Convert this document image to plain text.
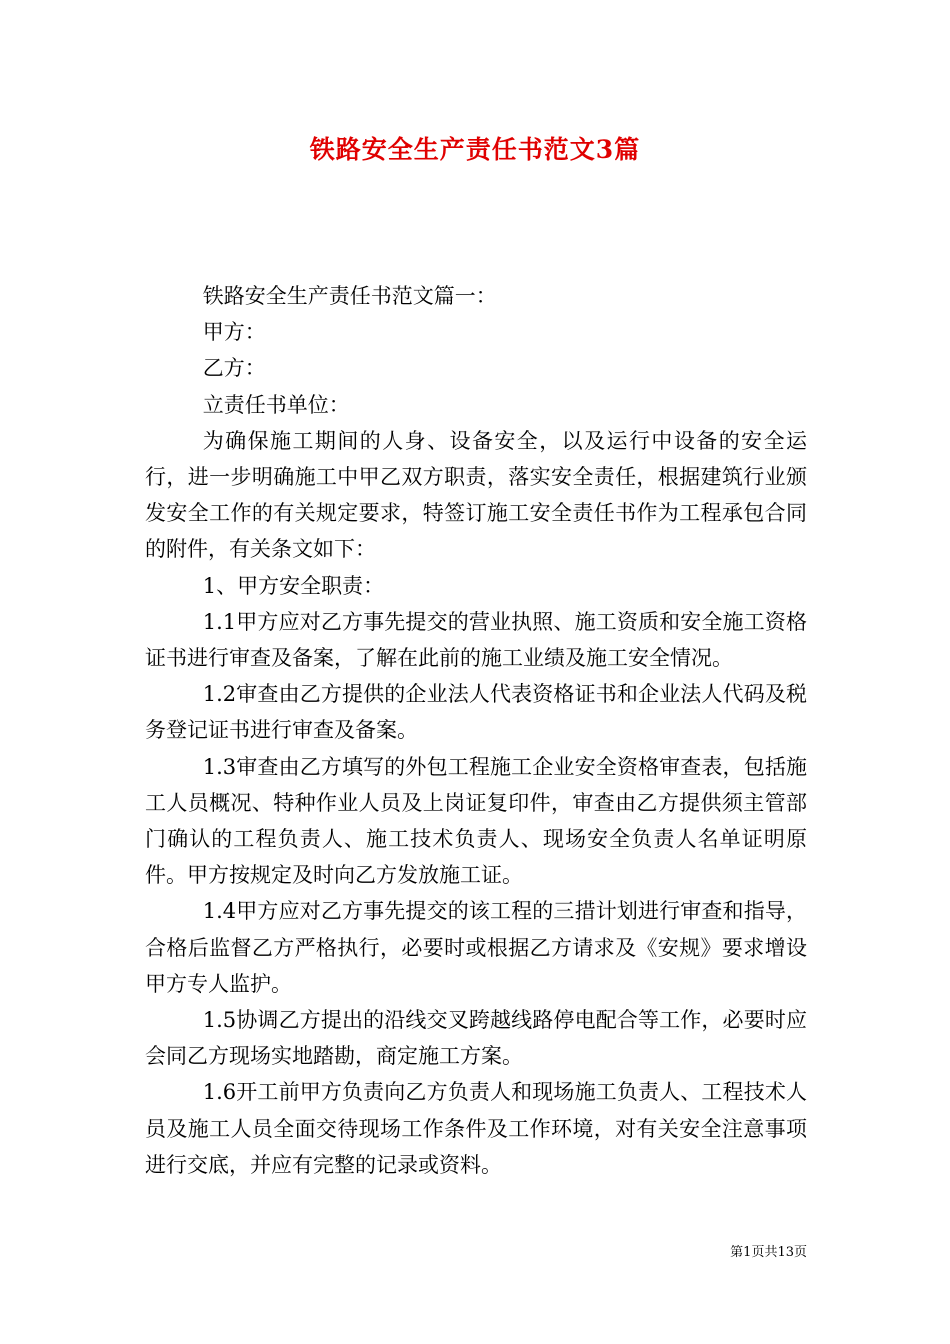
铁路安全生产责任书范文3篇

铁路安全生产责任书范文篇一：

甲方：

乙方：

立责任书单位：

为确保施工期间的人身、设备安全，以及运行中设备的安全运行，进一步明确施工中甲乙双方职责，落实安全责任，根据建筑行业颁发安全工作的有关规定要求，特签订施工安全责任书作为工程承包合同的附件，有关条文如下：

1、甲方安全职责：

1.1甲方应对乙方事先提交的营业执照、施工资质和安全施工资格证书进行审查及备案，了解在此前的施工业绩及施工安全情况。

1.2审查由乙方提供的企业法人代表资格证书和企业法人代码及税务登记证书进行审查及备案。

1.3审查由乙方填写的外包工程施工企业安全资格审查表，包括施工人员概况、特种作业人员及上岗证复印件，审查由乙方提供须主管部门确认的工程负责人、施工技术负责人、现场安全负责人名单证明原件。甲方按规定及时向乙方发放施工证。

1.4甲方应对乙方事先提交的该工程的三措计划进行审查和指导，合格后监督乙方严格执行，必要时或根据乙方请求及《安规》要求增设甲方专人监护。

1.5协调乙方提出的沿线交叉跨越线路停电配合等工作，必要时应会同乙方现场实地踏勘，商定施工方案。

1.6开工前甲方负责向乙方负责人和现场施工负责人、工程技术人员及施工人员全面交待现场工作条件及工作环境，对有关安全注意事项进行交底，并应有完整的记录或资料。

第1页共13页
